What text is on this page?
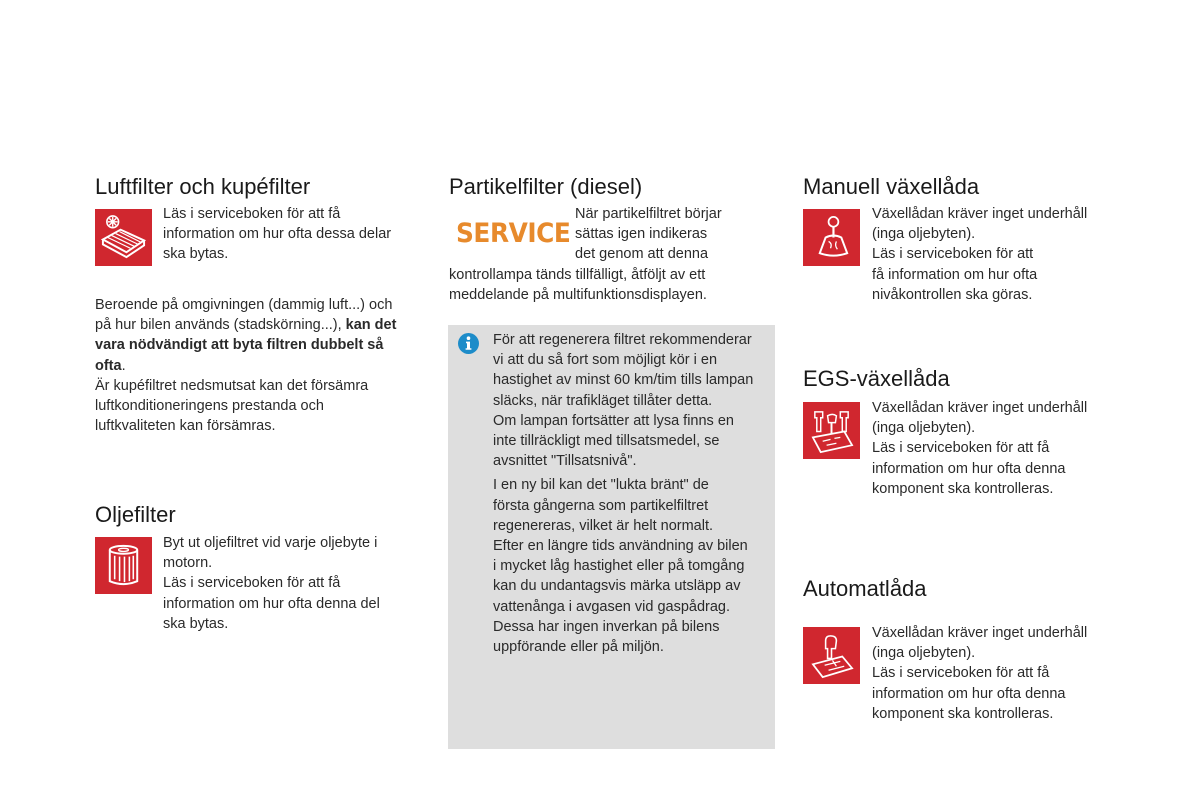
Luftfilter och kupéfilter
Läs i serviceboken för att få
information om hur ofta dessa delar
ska bytas.
Beroende på omgivningen (dammig luft...) och
på hur bilen används (stadskörning...), kan det
vara nödvändigt att byta filtren dubbelt så
ofta.
Är kupéfiltret nedsmutsat kan det försämra
luftkonditioneringens prestanda och
luftkvaliteten kan försämras.
Oljefilter
Byt ut oljefiltret vid varje oljebyte i
motorn.
Läs i serviceboken för att få
information om hur ofta denna del
ska bytas.
Partikelfilter (diesel)
SERVICE
När partikelfiltret börjar
sättas igen indikeras
det genom att denna
kontrollampa tänds tillfälligt, åtföljt av ett
meddelande på multifunktionsdisplayen.
För att regenerera filtret rekommenderar
vi att du så fort som möjligt kör i en
hastighet av minst 60 km/tim tills lampan
släcks, när trafikläget tillåter detta.
Om lampan fortsätter att lysa finns en
inte tillräckligt med tillsatsmedel, se
avsnittet "Tillsatsnivå".
I en ny bil kan det "lukta bränt" de
första gångerna som partikelfiltret
regenereras, vilket är helt normalt.
Efter en längre tids användning av bilen
i mycket låg hastighet eller på tomgång
kan du undantagsvis märka utsläpp av
vattenånga i avgasen vid gaspådrag.
Dessa har ingen inverkan på bilens
uppförande eller på miljön.
Manuell växellåda
Växellådan kräver inget underhåll
(inga oljebyten).
Läs i serviceboken för att
få information om hur ofta
nivåkontrollen ska göras.
EGS-växellåda
Växellådan kräver inget underhåll
(inga oljebyten).
Läs i serviceboken för att få
information om hur ofta denna
komponent ska kontrolleras.
Automatlåda
Växellådan kräver inget underhåll
(inga oljebyten).
Läs i serviceboken för att få
information om hur ofta denna
komponent ska kontrolleras.
